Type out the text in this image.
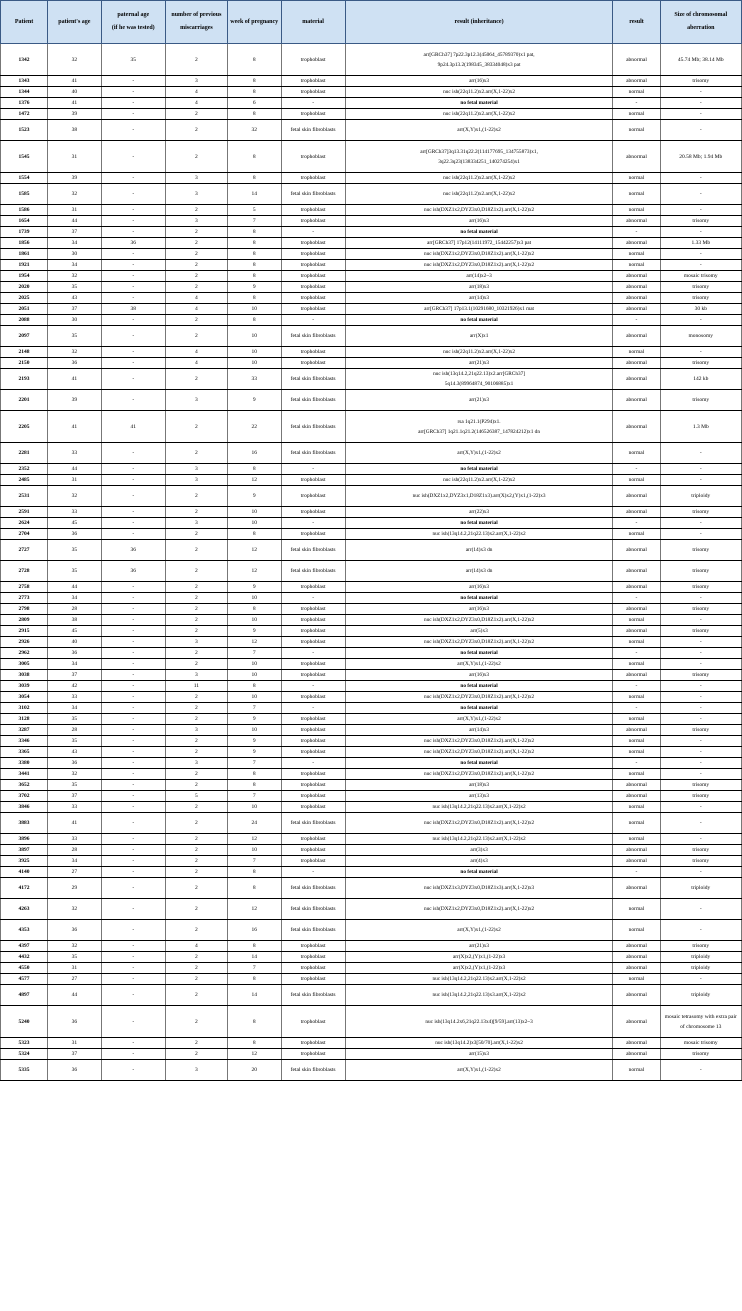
Patient	patient's age	paternal age
(if he was tested)	number of previous miscarriages	week of pregnancy	material	result (inheritance)	result	Size of chromosomal aberration
1342	32	35	2	8	trophoblast	arr[GRCh37] 7p22.3p12.3(45064_45789370)x1 pat,
9p24.3p13.2(198345_38334048)x3 pat	abnormal	45.74 Mb; 38.14 Mb
1343	41	-	3	8	trophoblast	arr(16)x3	abnormal	trisomy
1344	40	-	4	8	trophoblast	nuc ish(22q11.2)x2.arr(X,1-22)x2	normal	-
1376	41	-	4	6	-	no fetal material	-	-
1472	39	-	2	8	trophoblast	nuc ish(22q11.2)x2.arr(X,1-22)x2	normal	-
1523	38	-	2	32	fetal skin fibroblasts	arr(X,Y)x1,(1-22)x2	normal	-
1545	31	-	2	8	trophoblast	arr[GRCh37]3q13.31q22.2(114177695_134755873)x1,
3q22.3q23(138334251_140274254)x1	abnormal	20.58 Mb; 1.94 Mb
1554	39	-	3	8	trophoblast	nuc ish(22q11.2)x2.arr(X,1-22)x2	normal	-
1585	32	-	3	14	fetal skin fibroblasts	nuc ish(22q11.2)x2.arr(X,1-22)x2	normal	-
1586	31	-	2	5	trophoblast	nuc ish(DXZ1x2,DYZ3x0,D18Z1x2).arr(X,1-22)x2	normal	-
1654	44	-	3	7	trophoblast	arr(16)x3	abnormal	trisomy
1739	37	-	2	8	-	no fetal material	-	-
1856	34	36	2	8	trophoblast	arr[GRCh37] 17p12(14111972_15442257)x3 pat	abnormal	1.33 Mb
1861	30	-	2	8	trophoblast	nuc ish(DXZ1x2,DYZ3x0,D18Z1x2).arr(X,1-22)x2	normal	-
1921	34	-	2	8	trophoblast	nuc ish(DXZ1x2,DYZ3x0,D18Z1x2).arr(X,1-22)x2	normal	-
1954	32	-	2	8	trophoblast	arr(14)x2~3	abnormal	mosaic trisomy
2020	35	-	2	9	trophoblast	arr(18)x3	abnormal	trisomy
2025	43	-	4	8	trophoblast	arr(14)x3	abnormal	trisomy
2051	37	38	4	10	trophoblast	arr[GRCh37] 17p13.1(10291680_10321926)x1 mat	abnormal	30 kb
2088	30	-	2	8	-	no fetal material	-	-
2097	35	-	2	10	fetal skin fibroblasts	arr(X)x1	abnormal	monosomy
2148	32	-	4	10	trophoblast	nuc ish(22q11.2)x2.arr(X,1-22)x2	normal	-
2150	36	-	4	10	trophoblast	arr(21)x3	abnormal	trisomy
2193	41	-	2	33	fetal skin fibroblasts	nuc ish(13q14.2,21q22.13)x2.arr[GRCh37]
5q14.3(89964874_90106885)x1	abnormal	142 kb
2201	39	-	3	9	fetal skin fibroblasts	arr(21)x3	abnormal	trisomy
2205	41	41	2	22	fetal skin fibroblasts	rsa 1q21.1(P294)x1.
arr[GRCh37] 1q21.1q21.2(146526387_147824212)x1 dn	abnormal	1.3 Mb
2281	33	-	2	16	fetal skin fibroblasts	arr(X,Y)x1,(1-22)x2	normal	-
2352	44	-	3	8	-	no fetal material	-	-
2485	31	-	3	12	trophoblast	nuc ish(22q11.2)x2.arr(X,1-22)x2	normal	-
2531	32	-	2	9	trophoblast	nuc ish(DXZ1x2,DYZ3x1,D18Z1x3).arr(X)x2,(Y)x1,(1-22)x3	abnormal	triploidy
2591	33	-	2	10	trophoblast	arr(22)x3	abnormal	trisomy
2624	45	-	3	10	-	no fetal material	-	-
2704	36	-	2	8	trophoblast	nuc ish(13q14.2,21q22.13)x2.arr(X,1-22)x2	normal	-
2727	35	36	2	12	fetal skin fibroblasts	arr(14)x3 dn	abnormal	trisomy
2728	35	36	2	12	fetal skin fibroblasts	arr(14)x3 dn	abnormal	trisomy
2758	44	-	2	9	trophoblast	arr(16)x3	abnormal	trisomy
2773	34	-	2	10	-	no fetal material	-	-
2798	28	-	2	8	trophoblast	arr(16)x3	abnormal	trisomy
2809	38	-	2	10	trophoblast	nuc ish(DXZ1x2,DYZ3x0,D18Z1x2).arr(X,1-22)x2	normal	-
2915	45	-	2	9	trophoblast	arr(5)x3	abnormal	trisomy
2926	40	-	3	12	trophoblast	nuc ish(DXZ1x2,DYZ3x0,D18Z1x2).arr(X,1-22)x2	normal	-
2962	36	-	2	7	-	no fetal material	-	-
3005	34	-	2	10	trophoblast	arr(X,Y)x1,(1-22)x2	normal	-
3038	37	-	3	10	trophoblast	arr(16)x3	abnormal	trisomy
3039	42	-	11	8	-	no fetal material	-	-
3054	33	-	2	10	trophoblast	nuc ish(DXZ1x2,DYZ3x0,D18Z1x2).arr(X,1-22)x2	normal	-
3102	34	-	2	7	-	no fetal material	-	-
3128	35	-	2	9	trophoblast	arr(X,Y)x1,(1-22)x2	normal	-
3287	28	-	3	10	trophoblast	arr(14)x3	abnormal	trisomy
3346	35	-	2	9	trophoblast	nuc ish(DXZ1x2,DYZ3x0,D18Z1x2).arr(X,1-22)x2	normal	-
3365	43	-	2	9	trophoblast	nuc ish(DXZ1x2,DYZ3x0,D18Z1x2).arr(X,1-22)x2	normal	-
3380	36	-	3	7	-	no fetal material	-	-
3441	32	-	2	8	trophoblast	nuc ish(DXZ1x2,DYZ3x0,D18Z1x2).arr(X,1-22)x2	normal	-
3652	35	-	2	8	trophoblast	arr(18)x3	abnormal	trisomy
3702	37	-	5	7	trophoblast	arr(13)x3	abnormal	trisomy
3846	33	-	2	10	trophoblast	nuc ish(13q14.2,21q22.13)x2.arr(X,1-22)x2	normal	-
3883	41	-	2	24	fetal skin fibroblasts	nuc ish(DXZ1x2,DYZ3x0,D18Z1x2).arr(X,1-22)x2	normal	-
3896	33	-	2	12	trophoblast	nuc ish(13q14.2,21q22.13)x2.arr(X,1-22)x2	normal	-
3897	28	-	2	10	trophoblast	arr(3)x3	abnormal	trisomy
3925	34	-	2	7	trophoblast	arr(4)x3	abnormal	trisomy
4140	27	-	2	8	-	no fetal material	-	-
4172	29	-	2	8	fetal skin fibroblasts	nuc ish(DXZ1x3,DYZ3x0,D18Z1x3).arr(X,1-22)x3	abnormal	triploidy
4263	32	-	2	12	fetal skin fibroblasts	nuc ish(DXZ1x2,DYZ3x0,D18Z1x2).arr(X,1-22)x2	normal	-
4353	36	-	2	16	fetal skin fibroblasts	arr(X,Y)x1,(1-22)x2	normal	-
4397	32	-	4	8	trophoblast	arr(21)x3	abnormal	trisomy
4432	35	-	2	14	trophoblast	arr(X)x2,(Y)x1,(1-22)x3	abnormal	triploidy
4550	31	-	2	7	trophoblast	arr(X)x2,(Y)x1,(1-22)x3	abnormal	triploidy
4577	27	-	2	8	trophoblast	nuc ish(13q14.2,21q22.13)x2.arr(X,1-22)x2	normal	-
4897	44	-	2	14	fetal skin fibroblasts	nuc ish(13q14.2,21q22.13)x3.arr(X,1-22)x2	abnormal	triploidy
5240	36	-	2	8	trophoblast	nuc ish(13q14.2x6,21q22.13x4)[9/59].arr(13)x2~3	abnormal	mosaic tetrasomy with extra pair of chromosome 13
5323	31	-	2	8	trophoblast	nuc ish(13q14.2)x3[50/70].arr(X,1-22)x2	abnormal	mosaic trisomy
5324	37	-	2	12	trophoblast	arr(15)x3	abnormal	trisomy
5335	36	-	3	20	fetal skin fibroblasts	arr(X,Y)x1,(1-22)x2	normal	-
